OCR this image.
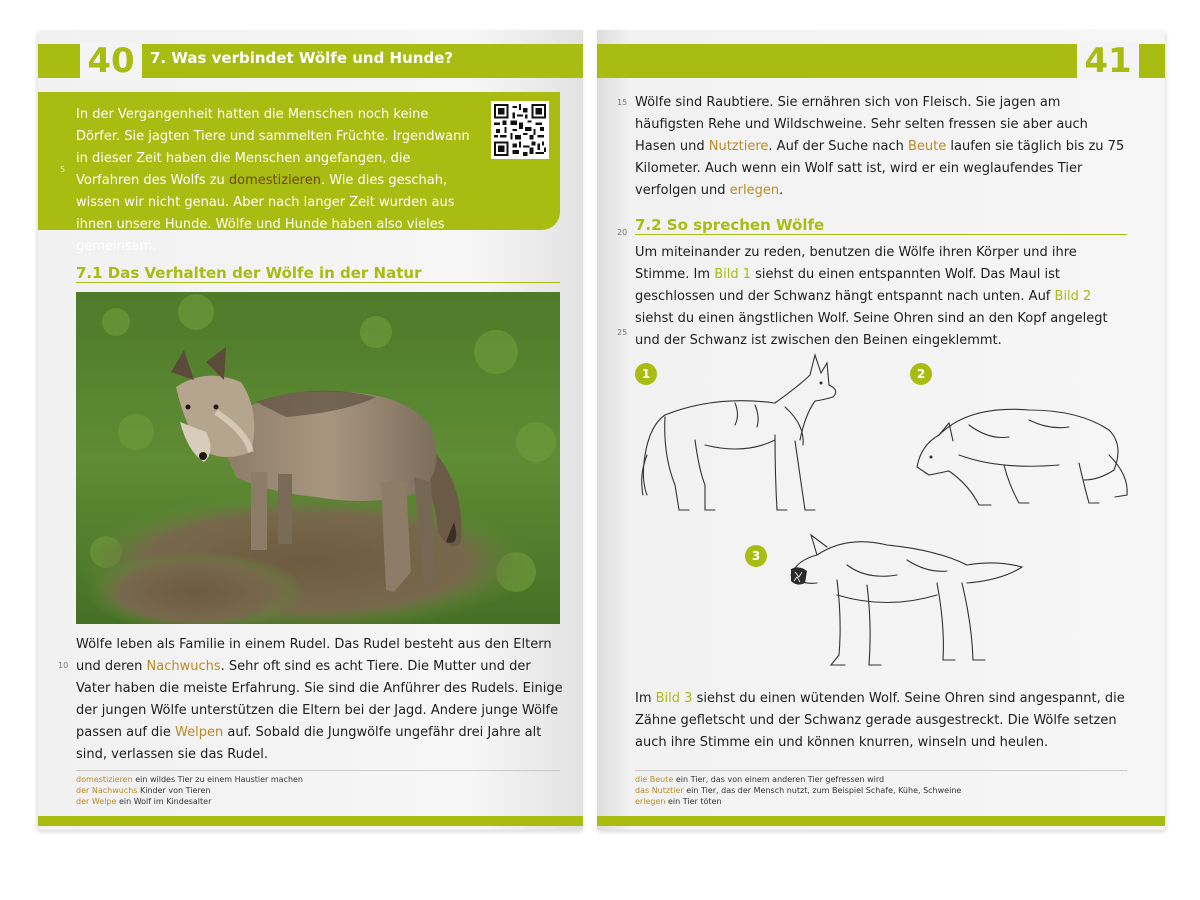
40	7. Was verbindet Wölfe und Hunde?
In der Vergangenheit hatten die Menschen noch keine Dörfer. Sie jagten Tiere und sammelten Früchte. Irgendwann in dieser Zeit haben die Menschen angefangen, die Vorfahren des Wolfs zu domestizieren. Wie dies geschah, wissen wir nicht genau. Aber nach langer Zeit wurden aus ihnen unsere Hunde. Wölfe und Hunde haben also vieles gemeinsam.
5
7.1 Das Verhalten der Wölfe in der Natur
Wölfe leben als Familie in einem Rudel. Das Rudel besteht aus den Eltern und deren Nachwuchs. Sehr oft sind es acht Tiere. Die Mutter und der Vater haben die meiste Erfahrung. Sie sind die Anführer des Rudels. Einige der jungen Wölfe unterstützen die Eltern bei der Jagd. Andere junge Wölfe passen auf die Welpen auf. Sobald die Jungwölfe ungefähr drei Jahre alt sind, verlassen sie das Rudel.
10
domestizieren ein wildes Tier zu einem Haustier machen
der Nachwuchs Kinder von Tieren
der Welpe ein Wolf im Kindesalter
41
Wölfe sind Raubtiere. Sie ernähren sich von Fleisch. Sie jagen am häufigsten Rehe und Wildschweine. Sehr selten fressen sie aber auch Hasen und Nutztiere. Auf der Suche nach Beute laufen sie täglich bis zu 75 Kilometer. Auch wenn ein Wolf satt ist, wird er ein weglaufendes Tier verfolgen und erlegen.
15
7.2 So sprechen Wölfe
20
Um miteinander zu reden, benutzen die Wölfe ihren Körper und ihre Stimme. Im Bild 1 siehst du einen entspannten Wolf. Das Maul ist geschlossen und der Schwanz hängt entspannt nach unten. Auf Bild 2 siehst du einen ängstlichen Wolf. Seine Ohren sind an den Kopf angelegt und der Schwanz ist zwischen den Beinen eingeklemmt.
25
1	2
3
Im Bild 3 siehst du einen wütenden Wolf. Seine Ohren sind angespannt, die Zähne gefletscht und der Schwanz gerade ausgestreckt. Die Wölfe setzen auch ihre Stimme ein und können knurren, winseln und heulen.
die Beute ein Tier, das von einem anderen Tier gefressen wird
das Nutztier ein Tier, das der Mensch nutzt, zum Beispiel Schafe, Kühe, Schweine
erlegen ein Tier töten
